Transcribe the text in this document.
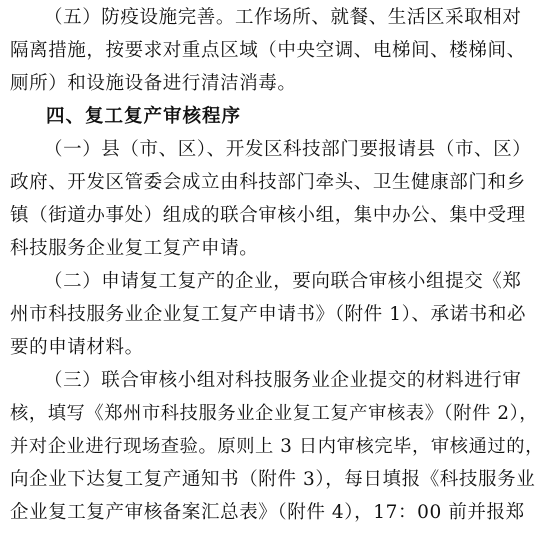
（五）防疫设施完善。工作场所、就餐、生活区采取相对
隔离措施，按要求对重点区域（中央空调、电梯间、楼梯间、
厕所）和设施设备进行清洁消毒。
四、复工复产审核程序
（一）县（市、区）、开发区科技部门要报请县（市、区）
政府、开发区管委会成立由科技部门牵头、卫生健康部门和乡
镇（街道办事处）组成的联合审核小组，集中办公、集中受理
科技服务企业复工复产申请。
（二）申请复工复产的企业，要向联合审核小组提交《郑
州市科技服务业企业复工复产申请书》（附件 1）、承诺书和必
要的申请材料。
（三）联合审核小组对科技服务业企业提交的材料进行审
核，填写《郑州市科技服务业企业复工复产审核表》（附件 2），
并对企业进行现场查验。原则上 3 日内审核完毕，审核通过的，
向企业下达复工复产通知书（附件 3），每日填报《科技服务业
企业复工复产审核备案汇总表》（附件 4），17：00 前并报郑
